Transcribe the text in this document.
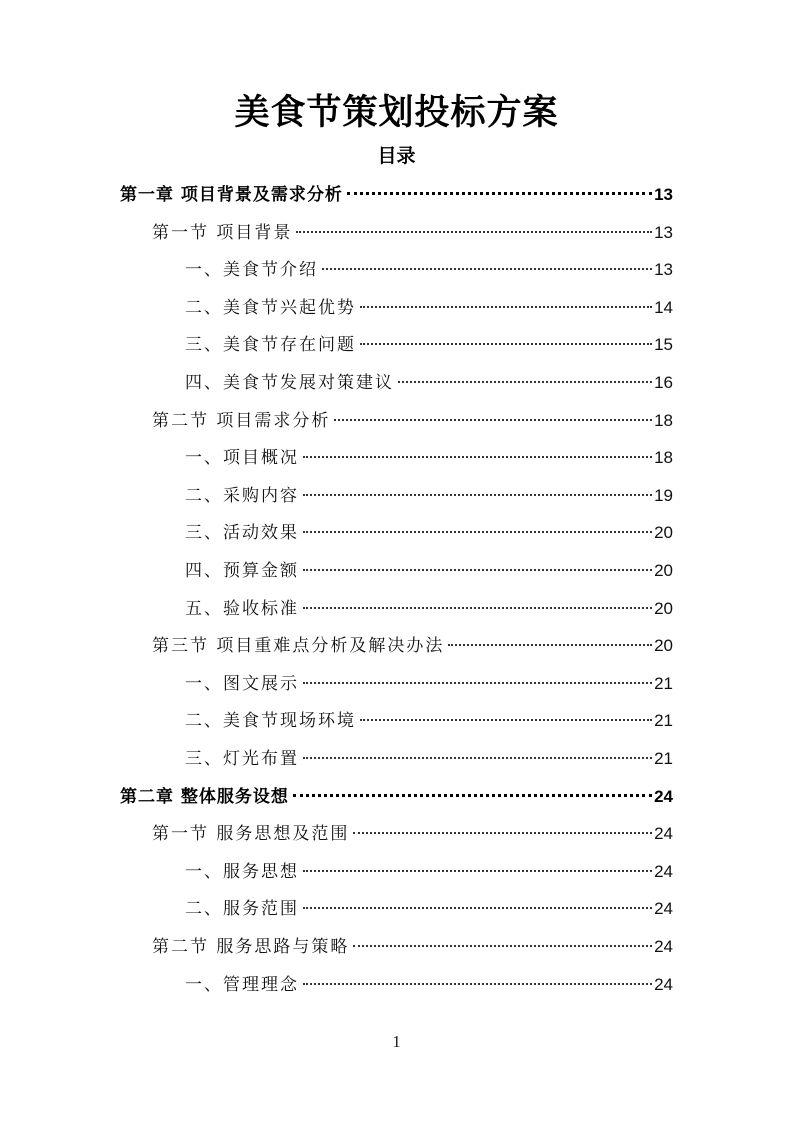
美食节策划投标方案
目录
第一章 项目背景及需求分析	13
第一节 项目背景	13
一、美食节介绍	13
二、美食节兴起优势	14
三、美食节存在问题	15
四、美食节发展对策建议	16
第二节 项目需求分析	18
一、项目概况	18
二、采购内容	19
三、活动效果	20
四、预算金额	20
五、验收标准	20
第三节 项目重难点分析及解决办法	20
一、图文展示	21
二、美食节现场环境	21
三、灯光布置	21
第二章 整体服务设想	24
第一节 服务思想及范围	24
一、服务思想	24
二、服务范围	24
第二节 服务思路与策略	24
一、管理理念	24
1
